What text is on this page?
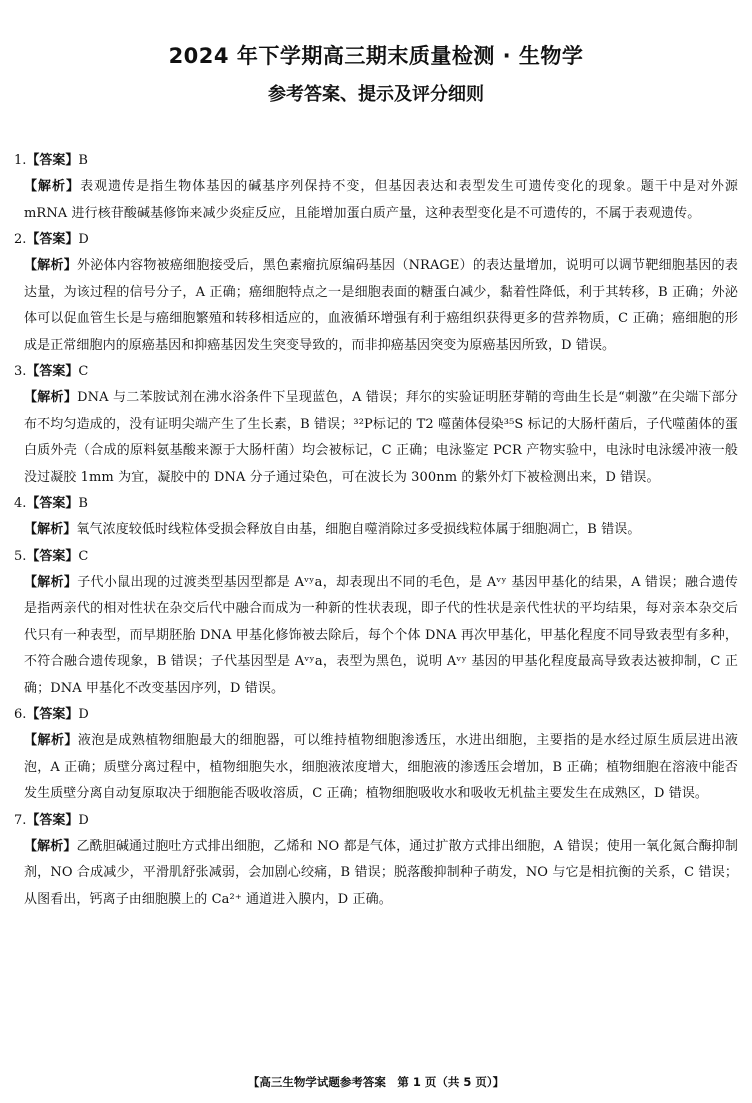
2024 年下学期高三期末质量检测 · 生物学
参考答案、提示及评分细则
1.【答案】B
【解析】表观遗传是指生物体基因的碱基序列保持不变，但基因表达和表型发生可遗传变化的现象。题干中是对外源 mRNA 进行核苷酸碱基修饰来减少炎症反应，且能增加蛋白质产量，这种表型变化是不可遗传的，不属于表观遗传。
2.【答案】D
【解析】外泌体内容物被癌细胞接受后，黑色素瘤抗原编码基因（NRAGE）的表达量增加，说明可以调节靶细胞基因的表达量，为该过程的信号分子，A 正确；癌细胞特点之一是细胞表面的糖蛋白减少，黏着性降低，利于其转移，B 正确；外泌体可以促血管生长是与癌细胞繁殖和转移相适应的，血液循环增强有利于癌组织获得更多的营养物质，C 正确；癌细胞的形成是正常细胞内的原癌基因和抑癌基因发生突变导致的，而非抑癌基因突变为原癌基因所致，D 错误。
3.【答案】C
【解析】DNA 与二苯胺试剂在沸水浴条件下呈现蓝色，A 错误；拜尔的实验证明胚芽鞘的弯曲生长是“刺激”在尖端下部分布不均匀造成的，没有证明尖端产生了生长素，B 错误；³²P标记的 T2 噬菌体侵染³⁵S 标记的大肠杆菌后，子代噬菌体的蛋白质外壳（合成的原料氨基酸来源于大肠杆菌）均会被标记，C 正确；电泳鉴定 PCR 产物实验中，电泳时电泳缓冲液一般没过凝胶 1mm 为宜，凝胶中的 DNA 分子通过染色，可在波长为 300nm 的紫外灯下被检测出来，D 错误。
4.【答案】B
【解析】氧气浓度较低时线粒体受损会释放自由基，细胞自噬消除过多受损线粒体属于细胞凋亡，B 错误。
5.【答案】C
【解析】子代小鼠出现的过渡类型基因型都是 Aᵛʸa，却表现出不同的毛色，是 Aᵛʸ 基因甲基化的结果，A 错误；融合遗传是指两亲代的相对性状在杂交后代中融合而成为一种新的性状表现，即子代的性状是亲代性状的平均结果，每对亲本杂交后代只有一种表型，而早期胚胎 DNA 甲基化修饰被去除后，每个个体 DNA 再次甲基化，甲基化程度不同导致表型有多种，不符合融合遗传现象，B 错误；子代基因型是 Aᵛʸa，表型为黑色，说明 Aᵛʸ 基因的甲基化程度最高导致表达被抑制，C 正确；DNA 甲基化不改变基因序列，D 错误。
6.【答案】D
【解析】液泡是成熟植物细胞最大的细胞器，可以维持植物细胞渗透压，水进出细胞，主要指的是水经过原生质层进出液泡，A 正确；质壁分离过程中，植物细胞失水，细胞液浓度增大，细胞液的渗透压会增加，B 正确；植物细胞在溶液中能否发生质壁分离自动复原取决于细胞能否吸收溶质，C 正确；植物细胞吸收水和吸收无机盐主要发生在成熟区，D 错误。
7.【答案】D
【解析】乙酰胆碱通过胞吐方式排出细胞，乙烯和 NO 都是气体，通过扩散方式排出细胞，A 错误；使用一氧化氮合酶抑制剂，NO 合成减少，平滑肌舒张减弱，会加剧心绞痛，B 错误；脱落酸抑制种子萌发，NO 与它是相抗衡的关系，C 错误；从图看出，钙离子由细胞膜上的 Ca²⁺ 通道进入膜内，D 正确。
【高三生物学试题参考答案　第 1 页（共 5 页）】
